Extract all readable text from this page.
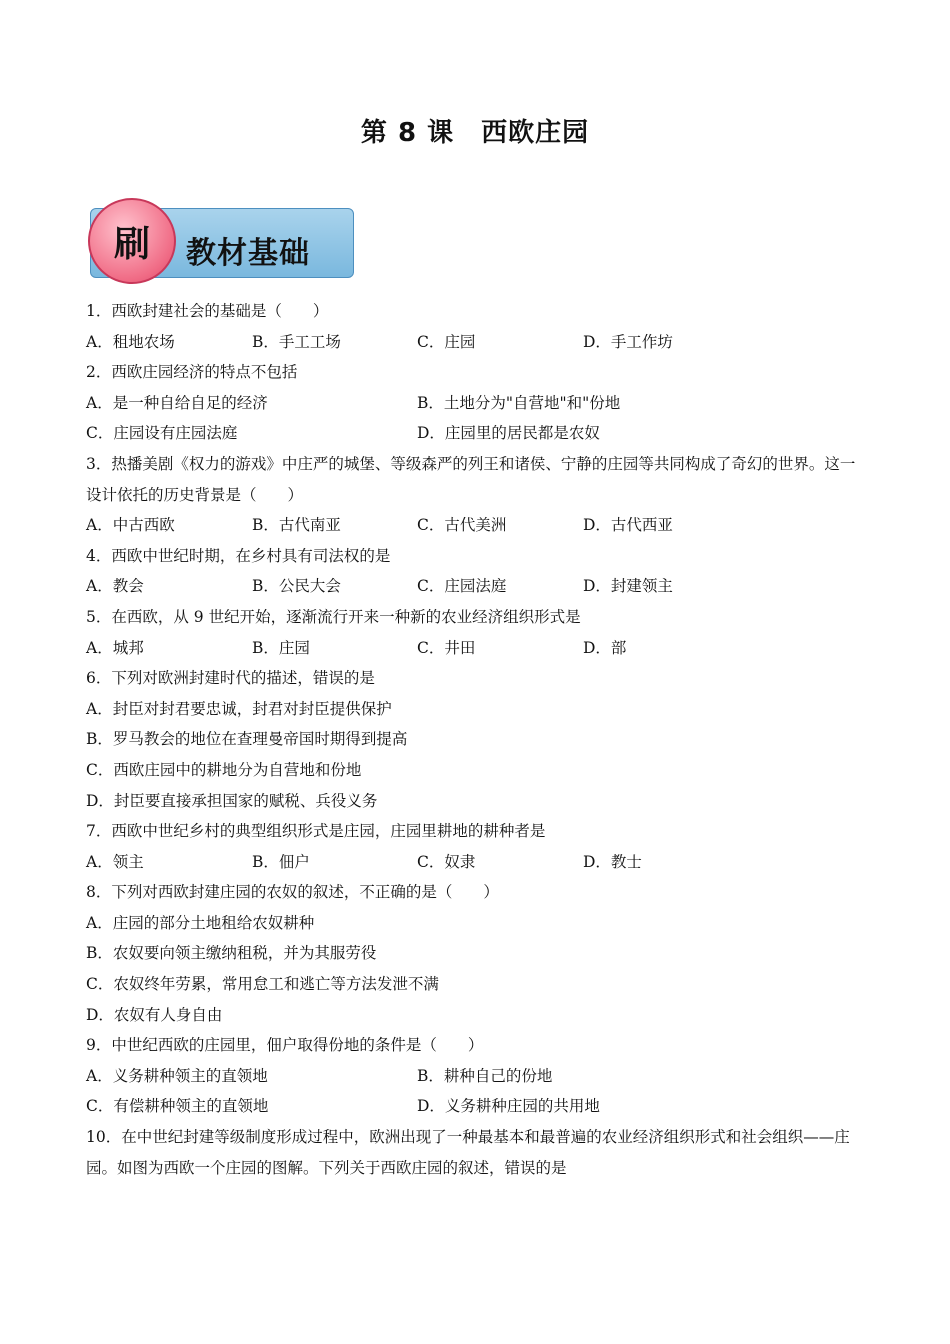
第 8 课　西欧庄园
刷	教材基础
1．西欧封建社会的基础是（　　）
A．租地农场	B．手工工场	C．庄园	D．手工作坊
2．西欧庄园经济的特点不包括
A．是一种自给自足的经济	B．土地分为"自营地"和"份地
C．庄园设有庄园法庭	D．庄园里的居民都是农奴
3．热播美剧《权力的游戏》中庄严的城堡、等级森严的列王和诸侯、宁静的庄园等共同构成了奇幻的世界。这一设计依托的历史背景是（　　）
A．中古西欧	B．古代南亚	C．古代美洲	D．古代西亚
4．西欧中世纪时期，在乡村具有司法权的是
A．教会	B．公民大会	C．庄园法庭	D．封建领主
5．在西欧，从 9 世纪开始，逐渐流行开来一种新的农业经济组织形式是
A．城邦	B．庄园	C．井田	D．部
6．下列对欧洲封建时代的描述，错误的是
A．封臣对封君要忠诚，封君对封臣提供保护
B．罗马教会的地位在查理曼帝国时期得到提高
C．西欧庄园中的耕地分为自营地和份地
D．封臣要直接承担国家的赋税、兵役义务
7．西欧中世纪乡村的典型组织形式是庄园，庄园里耕地的耕种者是
A．领主	B．佃户	C．奴隶	D．教士
8．下列对西欧封建庄园的农奴的叙述，不正确的是（　　）
A．庄园的部分土地租给农奴耕种
B．农奴要向领主缴纳租税，并为其服劳役
C．农奴终年劳累，常用怠工和逃亡等方法发泄不满
D．农奴有人身自由
9．中世纪西欧的庄园里，佃户取得份地的条件是（　　）
A．义务耕种领主的直领地	B．耕种自己的份地
C．有偿耕种领主的直领地	D．义务耕种庄园的共用地
10．在中世纪封建等级制度形成过程中，欧洲出现了一种最基本和最普遍的农业经济组织形式和社会组织——庄园。如图为西欧一个庄园的图解。下列关于西欧庄园的叙述，错误的是
